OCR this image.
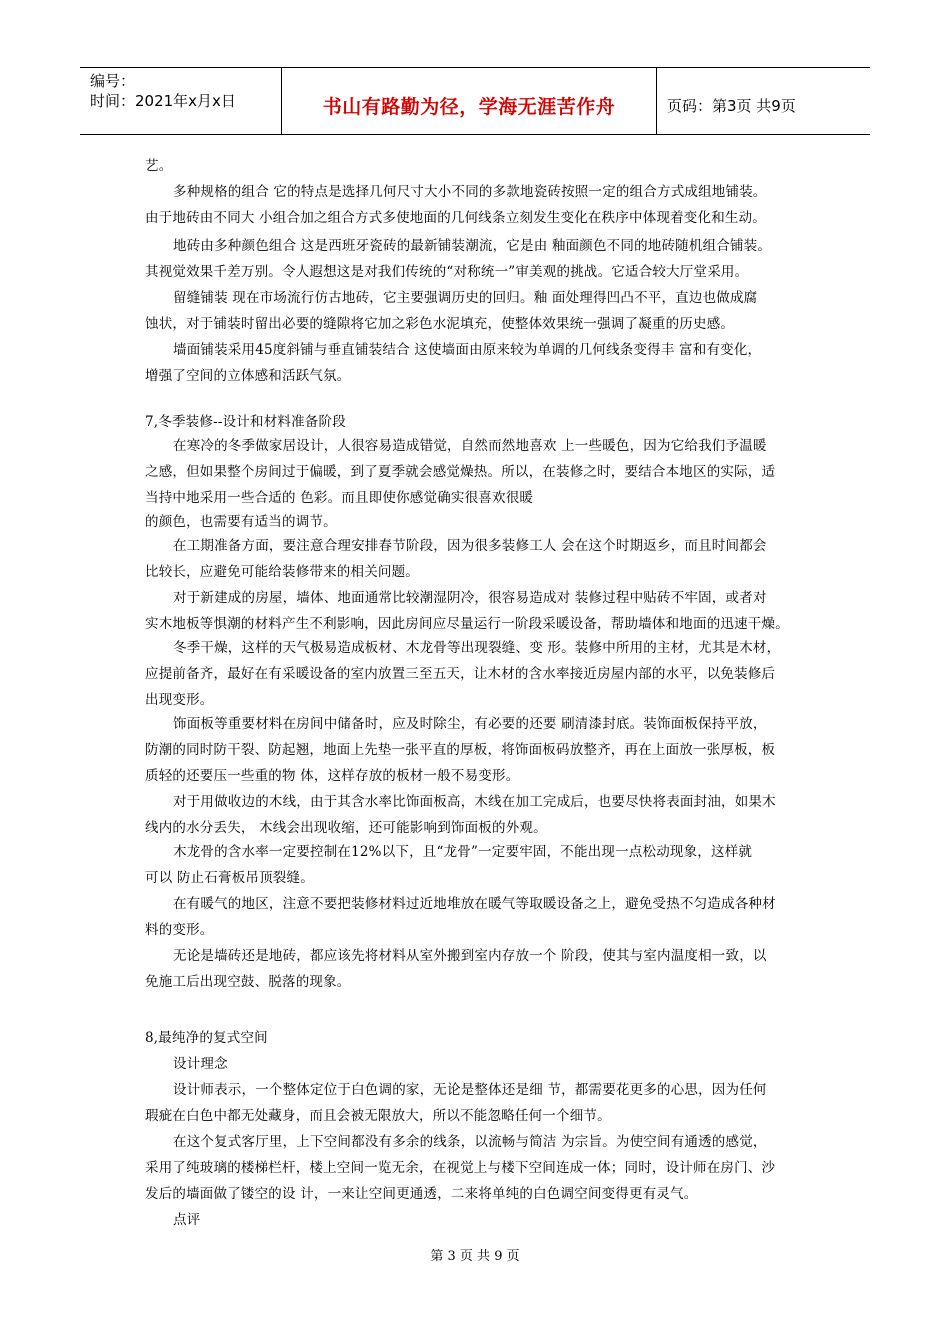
编号：
时间：2021年x月x日	书山有路勤为径，学海无涯苦作舟	页码：第3页 共9页
艺。
多种规格的组合 它的特点是选择几何尺寸大小不同的多款地瓷砖按照一定的组合方式成组地铺装。
由于地砖由不同大 小组合加之组合方式多使地面的几何线条立刻发生变化在秩序中体现着变化和生动。
地砖由多种颜色组合 这是西班牙瓷砖的最新铺装潮流，它是由 釉面颜色不同的地砖随机组合铺装。
其视觉效果千差万别。令人遐想这是对我们传统的“对称统一”审美观的挑战。它适合较大厅堂采用。
留缝铺装 现在市场流行仿古地砖，它主要强调历史的回归。釉 面处理得凹凸不平，直边也做成腐
蚀状，对于铺装时留出必要的缝隙将它加之彩色水泥填充，使整体效果统一强调了凝重的历史感。
墙面铺装采用45度斜铺与垂直铺装结合 这使墙面由原来较为单调的几何线条变得丰 富和有变化，
增强了空间的立体感和活跃气氛。
7,冬季装修--设计和材料准备阶段
在寒冷的冬季做家居设计，人很容易造成错觉，自然而然地喜欢 上一些暖色，因为它给我们予温暖
之感，但如果整个房间过于偏暖，到了夏季就会感觉燥热。所以，在装修之时，要结合本地区的实际，适
当持中地采用一些合适的 色彩。而且即使你感觉确实很喜欢很暖
的颜色，也需要有适当的调节。
在工期准备方面，要注意合理安排春节阶段，因为很多装修工人 会在这个时期返乡，而且时间都会
比较长，应避免可能给装修带来的相关问题。
对于新建成的房屋，墙体、地面通常比较潮湿阴冷，很容易造成对 装修过程中贴砖不牢固，或者对
实木地板等惧潮的材料产生不利影响，因此房间应尽量运行一阶段采暖设备，帮助墙体和地面的迅速干燥。
冬季干燥，这样的天气极易造成板材、木龙骨等出现裂缝、变 形。装修中所用的主材，尤其是木材，
应提前备齐，最好在有采暖设备的室内放置三至五天，让木材的含水率接近房屋内部的水平，以免装修后
出现变形。
饰面板等重要材料在房间中储备时，应及时除尘，有必要的还要 刷清漆封底。装饰面板保持平放，
防潮的同时防干裂、防起翘，地面上先垫一张平直的厚板，将饰面板码放整齐，再在上面放一张厚板，板
质轻的还要压一些重的物 体，这样存放的板材一般不易变形。
对于用做收边的木线，由于其含水率比饰面板高，木线在加工完成后，也要尽快将表面封油，如果木
线内的水分丢失， 木线会出现收缩，还可能影响到饰面板的外观。
木龙骨的含水率一定要控制在12%以下，且“龙骨”一定要牢固，不能出现一点松动现象，这样就
可以 防止石膏板吊顶裂缝。
在有暖气的地区，注意不要把装修材料过近地堆放在暖气等取暖设备之上，避免受热不匀造成各种材
料的变形。
无论是墙砖还是地砖，都应该先将材料从室外搬到室内存放一个 阶段，使其与室内温度相一致，以
免施工后出现空鼓、脱落的现象。
8,最纯净的复式空间
设计理念
设计师表示，一个整体定位于白色调的家，无论是整体还是细 节，都需要花更多的心思，因为任何
瑕疵在白色中都无处藏身，而且会被无限放大，所以不能忽略任何一个细节。
在这个复式客厅里，上下空间都没有多余的线条，以流畅与简洁 为宗旨。为使空间有通透的感觉，
采用了纯玻璃的楼梯栏杆，楼上空间一览无余，在视觉上与楼下空间连成一体；同时，设计师在房门、沙
发后的墙面做了镂空的设 计，一来让空间更通透，二来将单纯的白色调空间变得更有灵气。
点评
第 3 页 共 9 页
